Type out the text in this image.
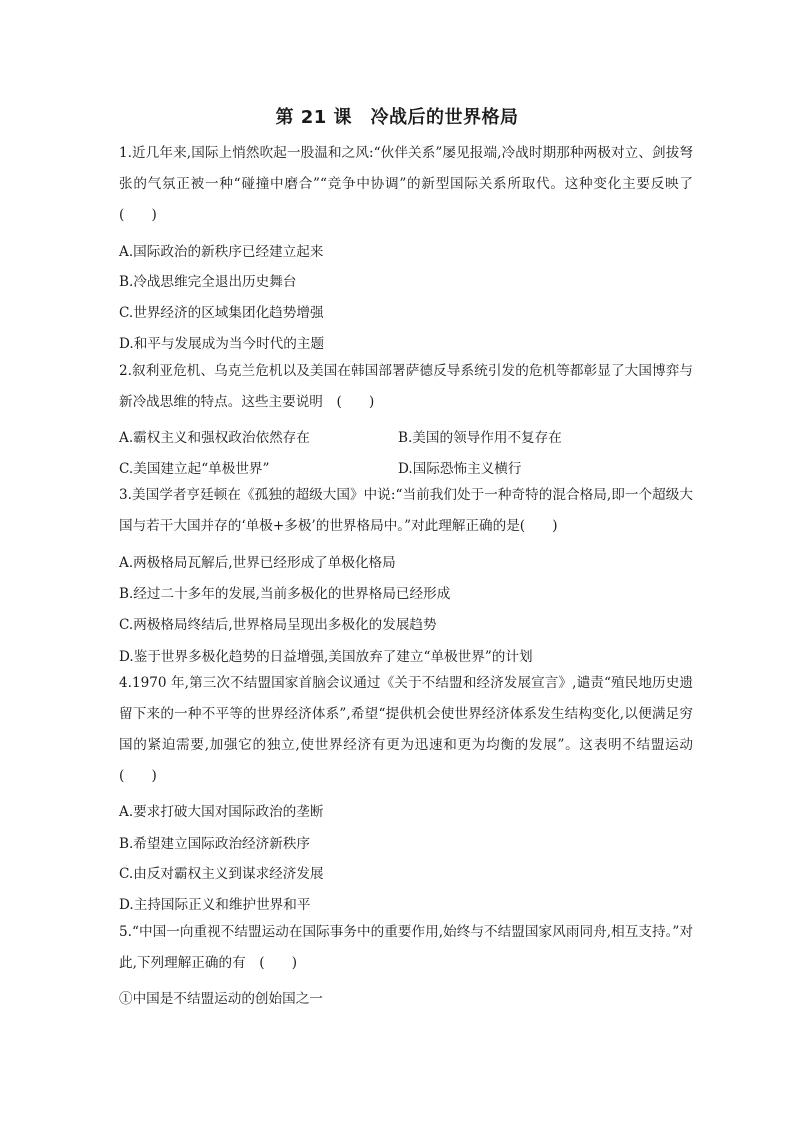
第 21 课　冷战后的世界格局
1.近几年来,国际上悄然吹起一股温和之风:“伙伴关系”屡见报端,冷战时期那种两极对立、剑拔弩张的气氛正被一种“碰撞中磨合”“竞争中协调”的新型国际关系所取代。这种变化主要反映了　(　　)
A.国际政治的新秩序已经建立起来
B.冷战思维完全退出历史舞台
C.世界经济的区域集团化趋势增强
D.和平与发展成为当今时代的主题
2.叙利亚危机、乌克兰危机以及美国在韩国部署萨德反导系统引发的危机等都彰显了大国博弈与新冷战思维的特点。这些主要说明　(　　)
A.霸权主义和强权政治依然存在	B.美国的领导作用不复存在
C.美国建立起“单极世界”	D.国际恐怖主义横行
3.美国学者亨廷顿在《孤独的超级大国》中说:“当前我们处于一种奇特的混合格局,即一个超级大国与若干大国并存的‘单极+多极’的世界格局中。”对此理解正确的是(　　)
A.两极格局瓦解后,世界已经形成了单极化格局
B.经过二十多年的发展,当前多极化的世界格局已经形成
C.两极格局终结后,世界格局呈现出多极化的发展趋势
D.鉴于世界多极化趋势的日益增强,美国放弃了建立“单极世界”的计划
4.1970 年,第三次不结盟国家首脑会议通过《关于不结盟和经济发展宣言》,谴责“殖民地历史遗留下来的一种不平等的世界经济体系”,希望“提供机会使世界经济体系发生结构变化,以便满足穷国的紧迫需要,加强它的独立,使世界经济有更为迅速和更为均衡的发展”。这表明不结盟运动　(　　)
A.要求打破大国对国际政治的垄断
B.希望建立国际政治经济新秩序
C.由反对霸权主义到谋求经济发展
D.主持国际正义和维护世界和平
5.“中国一向重视不结盟运动在国际事务中的重要作用,始终与不结盟国家风雨同舟,相互支持。”对此,下列理解正确的有　(　　)
①中国是不结盟运动的创始国之一
